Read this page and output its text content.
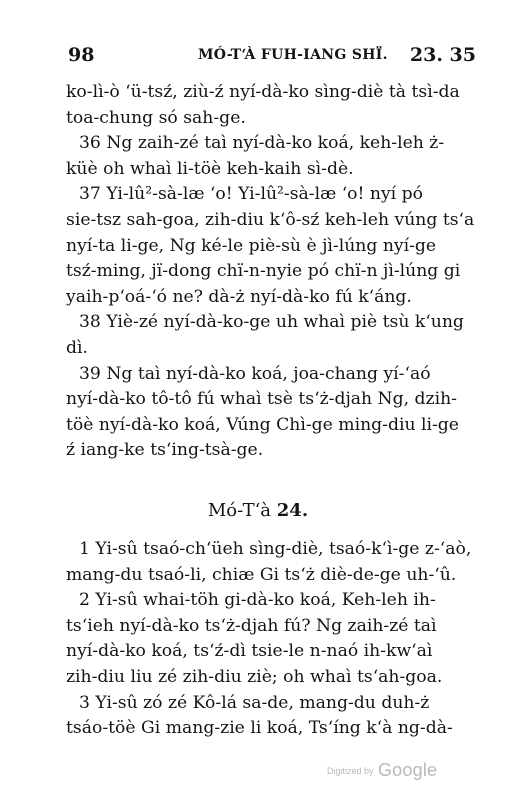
98	MÓ-T‘À FUH-IANG SHÏ. 23. 35
ko-lì-ò ‘ü-tsź, ziù-ź nyí-dà-ko sìng-diè tà tsì-da
toa-chung só sah-ge.
36 Ng zaih-zé taì nyí-dà-ko koá, keh-leh ż-
küè oh whaì li-töè keh-kaih sì-dè.
37 Yi-lû²-sà-læ ‘o! Yi-lû²-sà-læ ‘o! nyí pó
sie-tsz sah-goa, zih-diu k‘ô-sź keh-leh vúng ts‘a
nyí-ta li-ge, Ng ké-le piè-sù è jì-lúng nyí-ge
tsź-ming, jï-dong chï-n-nyie pó chï-n jì-lúng gi
yaih-p‘oá-‘ó ne? dà-ż nyí-dà-ko fú k‘áng.
38 Yiè-zé nyí-dà-ko-ge uh whaì piè tsù k‘ung
dì.
39 Ng taì nyí-dà-ko koá, joa-chang yí-‘aó
nyí-dà-ko tô-tô fú whaì tsè ts‘ż-djah Ng, dzih-
töè nyí-dà-ko koá, Vúng Chì-ge ming-diu li-ge
ź iang-ke ts‘ing-tsà-ge.
Mó-T‘à 24.
1 Yi-sû tsaó-ch‘üeh sìng-diè, tsaó-k‘ì-ge z-‘aò,
mang-du tsaó-li, chiæ Gi ts‘ż diè-de-ge uh-‘û.
2 Yi-sû whai-töh gi-dà-ko koá, Keh-leh ih-
ts‘ieh nyí-dà-ko ts‘ż-djah fú? Ng zaih-zé taì
nyí-dà-ko koá, ts‘ź-dì tsie-le n-naó ih-kw‘aì
zih-diu liu zé zih-diu ziè; oh whaì ts‘ah-goa.
3 Yi-sû zó zé Kô-lá sa-de, mang-du duh-ż
tsáo-töè Gi mang-zie li koá, Ts‘íng k‘à ng-dà-
Digitized by Google
